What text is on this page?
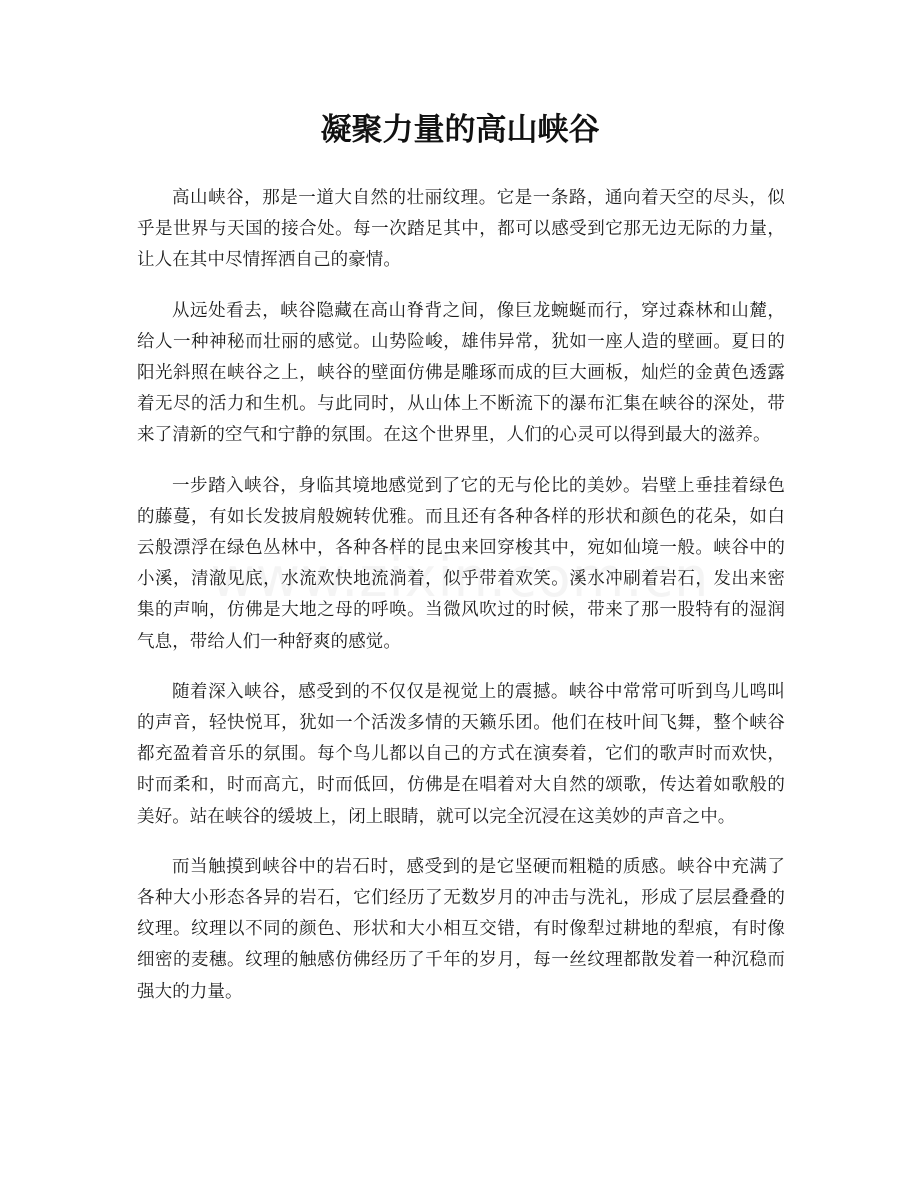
凝聚力量的高山峡谷

高山峡谷，那是一道大自然的壮丽纹理。它是一条路，通向着天空的尽头，似乎是世界与天国的接合处。每一次踏足其中，都可以感受到它那无边无际的力量，让人在其中尽情挥洒自己的豪情。

从远处看去，峡谷隐藏在高山脊背之间，像巨龙蜿蜒而行，穿过森林和山麓，给人一种神秘而壮丽的感觉。山势险峻，雄伟异常，犹如一座人造的壁画。夏日的阳光斜照在峡谷之上，峡谷的壁面仿佛是雕琢而成的巨大画板，灿烂的金黄色透露着无尽的活力和生机。与此同时，从山体上不断流下的瀑布汇集在峡谷的深处，带来了清新的空气和宁静的氛围。在这个世界里，人们的心灵可以得到最大的滋养。

一步踏入峡谷，身临其境地感觉到了它的无与伦比的美妙。岩壁上垂挂着绿色的藤蔓，有如长发披肩般婉转优雅。而且还有各种各样的形状和颜色的花朵，如白云般漂浮在绿色丛林中，各种各样的昆虫来回穿梭其中，宛如仙境一般。峡谷中的小溪，清澈见底，水流欢快地流淌着，似乎带着欢笑。溪水冲刷着岩石，发出来密集的声响，仿佛是大地之母的呼唤。当微风吹过的时候，带来了那一股特有的湿润气息，带给人们一种舒爽的感觉。

随着深入峡谷，感受到的不仅仅是视觉上的震撼。峡谷中常常可听到鸟儿鸣叫的声音，轻快悦耳，犹如一个活泼多情的天籁乐团。他们在枝叶间飞舞，整个峡谷都充盈着音乐的氛围。每个鸟儿都以自己的方式在演奏着，它们的歌声时而欢快，时而柔和，时而高亢，时而低回，仿佛是在唱着对大自然的颂歌，传达着如歌般的美好。站在峡谷的缓坡上，闭上眼睛，就可以完全沉浸在这美妙的声音之中。

而当触摸到峡谷中的岩石时，感受到的是它坚硬而粗糙的质感。峡谷中充满了各种大小形态各异的岩石，它们经历了无数岁月的冲击与洗礼，形成了层层叠叠的纹理。纹理以不同的颜色、形状和大小相互交错，有时像犁过耕地的犁痕，有时像细密的麦穗。纹理的触感仿佛经历了千年的岁月，每一丝纹理都散发着一种沉稳而强大的力量。
